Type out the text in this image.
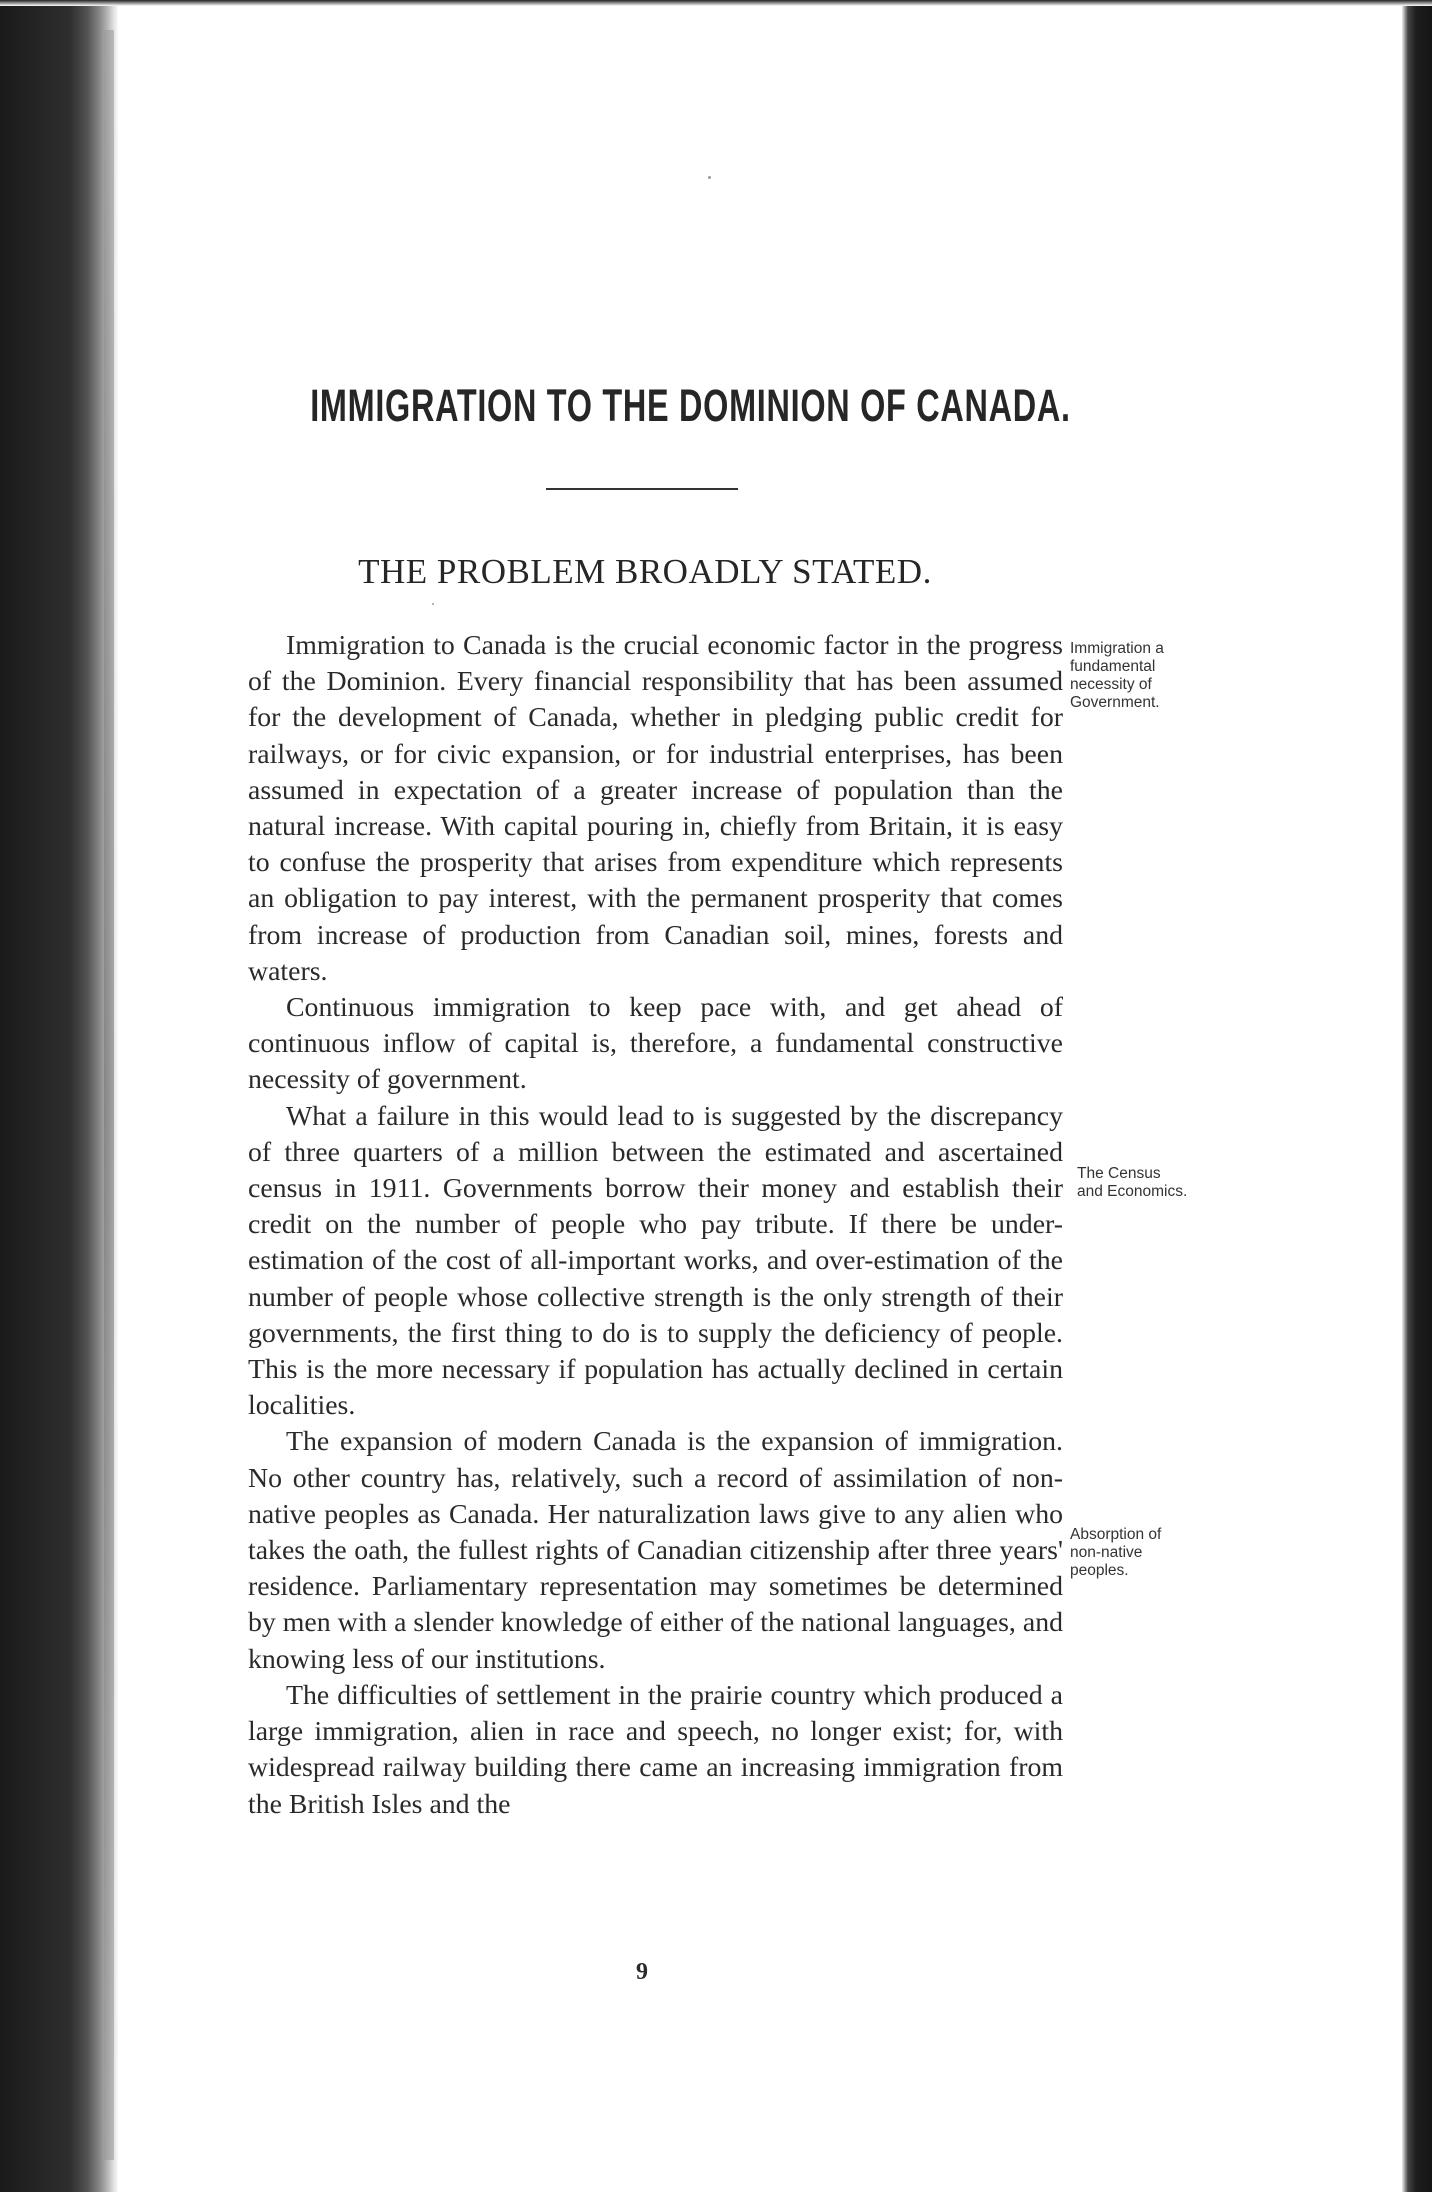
IMMIGRATION TO THE DOMINION OF CANADA.
THE PROBLEM BROADLY STATED.

Immigration to Canada is the crucial economic factor in the progress of the Dominion. Every financial responsibility that has been assumed for the development of Canada, whether in pledging public credit for railways, or for civic expansion, or for industrial enterprises, has been assumed in expectation of a greater increase of population than the natural increase. With capital pouring in, chiefly from Britain, it is easy to confuse the prosperity that arises from expenditure which represents an obligation to pay interest, with the permanent prosperity that comes from increase of production from Canadian soil, mines, forests and waters.

Continuous immigration to keep pace with, and get ahead of continuous inflow of capital is, therefore, a fundamental constructive necessity of government.

What a failure in this would lead to is suggested by the discrepancy of three quarters of a million between the estimated and ascertained census in 1911. Governments borrow their money and establish their credit on the number of people who pay tribute. If there be under-estimation of the cost of all-important works, and over-estimation of the number of people whose collective strength is the only strength of their governments, the first thing to do is to supply the deficiency of people. This is the more necessary if population has actually declined in certain localities.

The expansion of modern Canada is the expansion of immigration. No other country has, relatively, such a record of assimilation of non-native peoples as Canada. Her naturalization laws give to any alien who takes the oath, the fullest rights of Canadian citizenship after three years' residence. Parliamentary representation may sometimes be determined by men with a slender knowledge of either of the national languages, and knowing less of our institutions.

The difficulties of settlement in the prairie country which produced a large immigration, alien in race and speech, no longer exist; for, with widespread railway building there came an increasing immigration from the British Isles and the

Immigration a
fundamental
necessity of
Government.
The Census
and Economics.
Absorption of
non-native
peoples.
9
